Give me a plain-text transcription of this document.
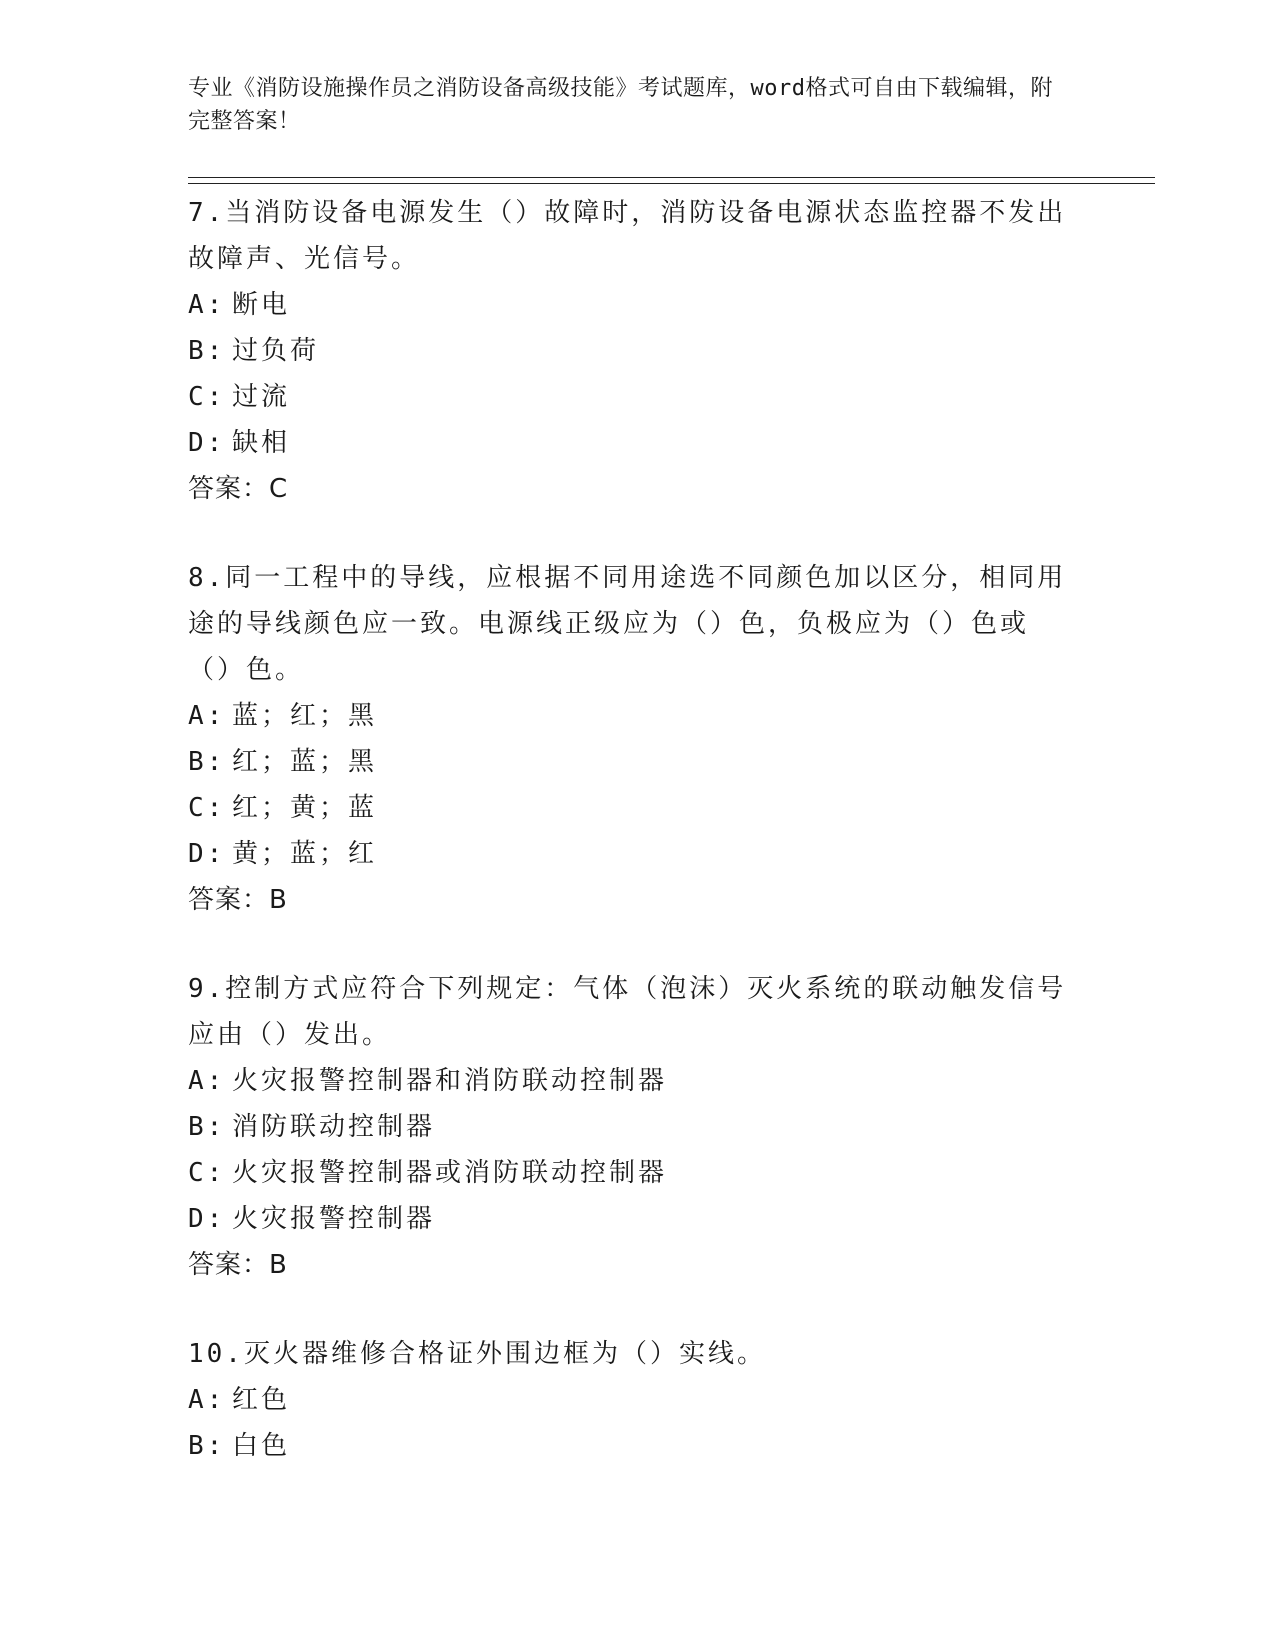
专业《消防设施操作员之消防设备高级技能》考试题库，word格式可自由下载编辑，附完整答案！

7.当消防设备电源发生（）故障时，消防设备电源状态监控器不发出故障声、光信号。

A: 断电
B: 过负荷
C: 过流
D: 缺相
答案：C

8.同一工程中的导线，应根据不同用途选不同颜色加以区分，相同用途的导线颜色应一致。电源线正级应为（）色，负极应为（）色或（）色。

A: 蓝；红；黑
B: 红；蓝；黑
C: 红；黄；蓝
D: 黄；蓝；红
答案：B

9.控制方式应符合下列规定：气体（泡沫）灭火系统的联动触发信号应由（）发出。

A: 火灾报警控制器和消防联动控制器
B: 消防联动控制器
C: 火灾报警控制器或消防联动控制器
D: 火灾报警控制器
答案：B

10.灭火器维修合格证外围边框为（）实线。

A: 红色
B: 白色
